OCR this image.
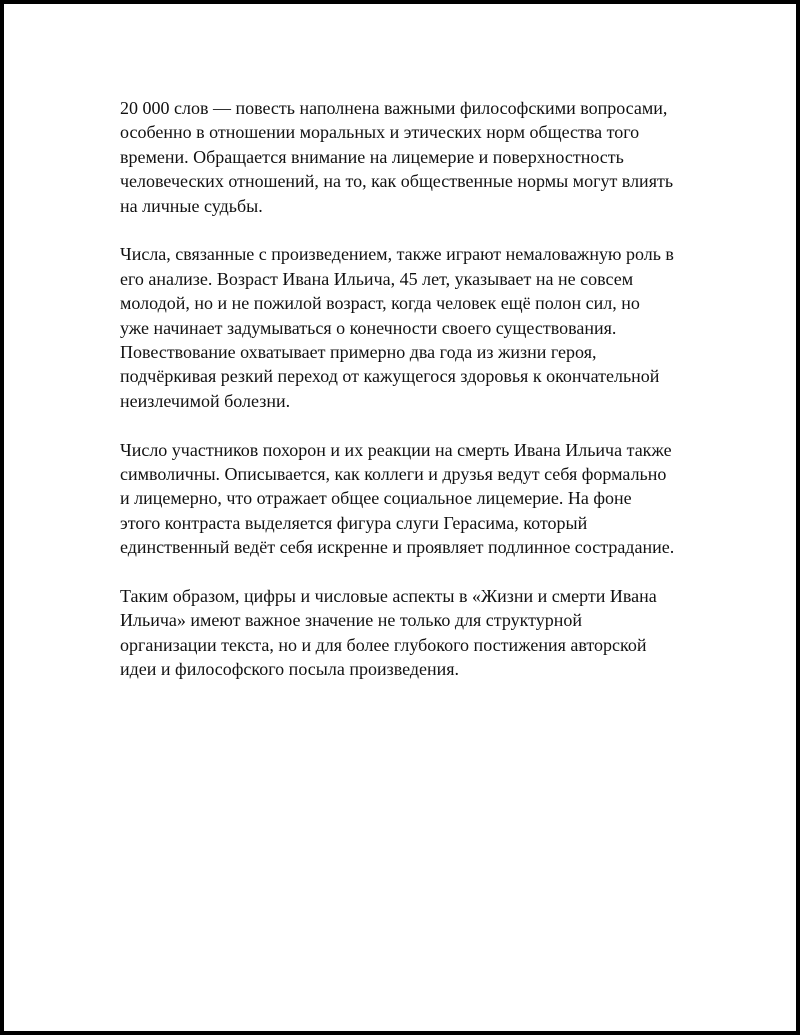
20 000 слов — повесть наполнена важными философскими вопросами,
особенно в отношении моральных и этических норм общества того
времени. Обращается внимание на лицемерие и поверхностность
человеческих отношений, на то, как общественные нормы могут влиять
на личные судьбы.

Числа, связанные с произведением, также играют немаловажную роль в
его анализе. Возраст Ивана Ильича, 45 лет, указывает на не совсем
молодой, но и не пожилой возраст, когда человек ещё полон сил, но
уже начинает задумываться о конечности своего существования.
Повествование охватывает примерно два года из жизни героя,
подчёркивая резкий переход от кажущегося здоровья к окончательной
неизлечимой болезни.

Число участников похорон и их реакции на смерть Ивана Ильича также
символичны. Описывается, как коллеги и друзья ведут себя формально
и лицемерно, что отражает общее социальное лицемерие. На фоне
этого контраста выделяется фигура слуги Герасима, который
единственный ведёт себя искренне и проявляет подлинное сострадание.

Таким образом, цифры и числовые аспекты в «Жизни и смерти Ивана
Ильича» имеют важное значение не только для структурной
организации текста, но и для более глубокого постижения авторской
идеи и философского посыла произведения.
